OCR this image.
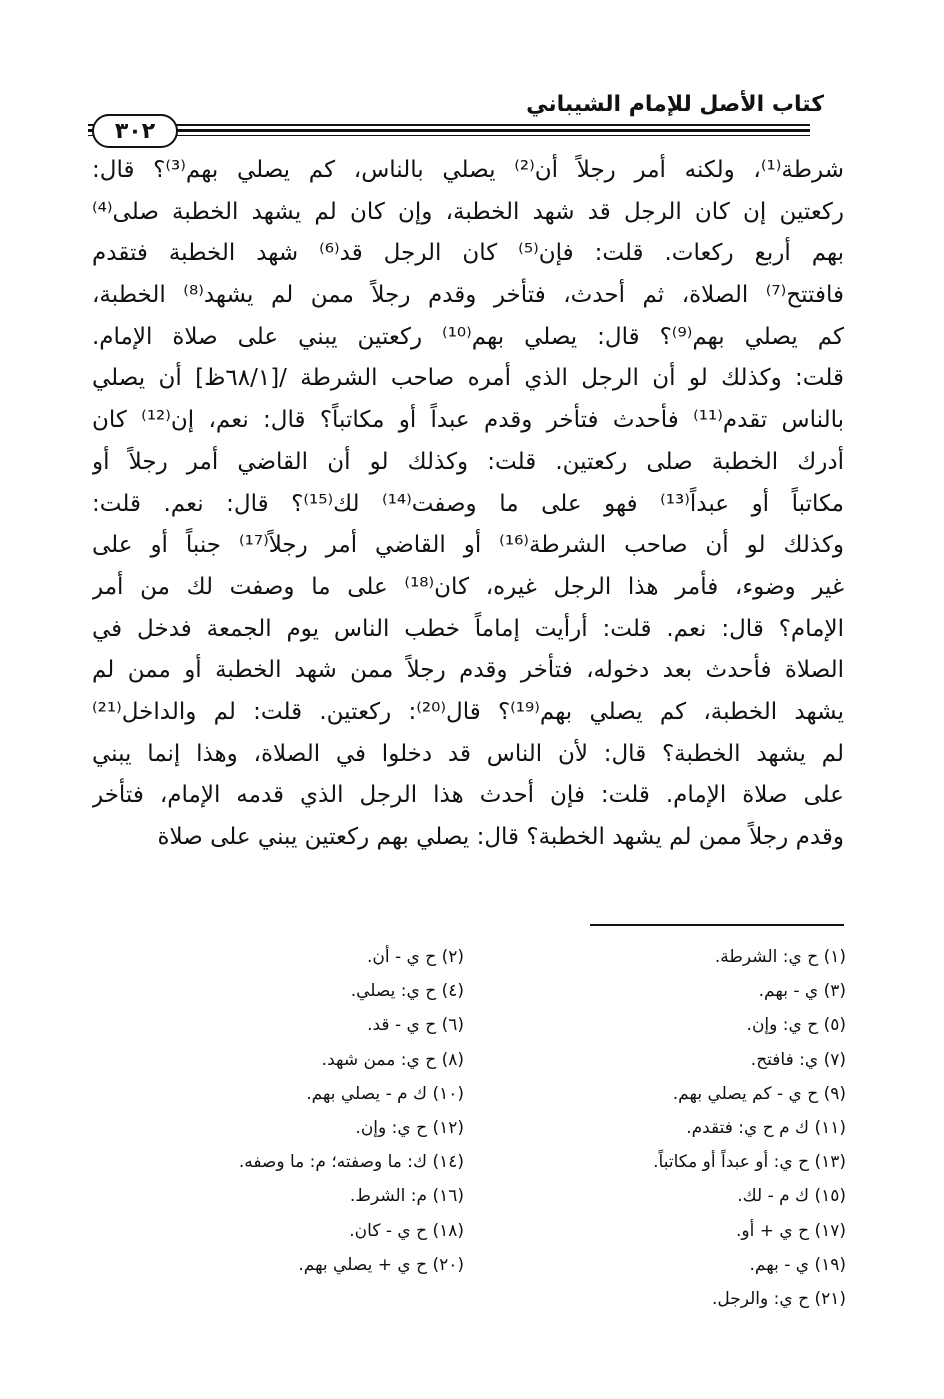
كتاب الأصل للإمام الشيباني
٣٠٢
شرطة⁽¹⁾، ولكنه أمر رجلاً أن⁽²⁾ يصلي بالناس، كم يصلي بهم⁽³⁾؟ قال:
ركعتين إن كان الرجل قد شهد الخطبة، وإن كان لم يشهد الخطبة صلى⁽⁴⁾
بهم أربع ركعات. قلت: فإن⁽⁵⁾ كان الرجل قد⁽⁶⁾ شهد الخطبة فتقدم
فافتتح⁽⁷⁾ الصلاة، ثم أحدث، فتأخر وقدم رجلاً ممن لم يشهد⁽⁸⁾ الخطبة،
كم يصلي بهم⁽⁹⁾؟ قال: يصلي بهم⁽¹⁰⁾ ركعتين يبني على صلاة الإمام.
قلت: وكذلك لو أن الرجل الذي أمره صاحب الشرطة /[٦٨/١ظ] أن يصلي
بالناس تقدم⁽¹¹⁾ فأحدث فتأخر وقدم عبداً أو مكاتباً؟ قال: نعم، إن⁽¹²⁾ كان
أدرك الخطبة صلى ركعتين. قلت: وكذلك لو أن القاضي أمر رجلاً أو
مكاتباً أو عبداً⁽¹³⁾ فهو على ما وصفت⁽¹⁴⁾ لك⁽¹⁵⁾؟ قال: نعم. قلت:
وكذلك لو أن صاحب الشرطة⁽¹⁶⁾ أو القاضي أمر رجلاً⁽¹⁷⁾ جنباً أو على
غير وضوء، فأمر هذا الرجل غيره، كان⁽¹⁸⁾ على ما وصفت لك من أمر
الإمام؟ قال: نعم. قلت: أرأيت إماماً خطب الناس يوم الجمعة فدخل في
الصلاة فأحدث بعد دخوله، فتأخر وقدم رجلاً ممن شهد الخطبة أو ممن لم
يشهد الخطبة، كم يصلي بهم⁽¹⁹⁾؟ قال⁽²⁰⁾: ركعتين. قلت: لم والداخل⁽²¹⁾
لم يشهد الخطبة؟ قال: لأن الناس قد دخلوا في الصلاة، وهذا إنما يبني
على صلاة الإمام. قلت: فإن أحدث هذا الرجل الذي قدمه الإمام، فتأخر
وقدم رجلاً ممن لم يشهد الخطبة؟ قال: يصلي بهم ركعتين يبني على صلاة
(١) ح ي: الشرطة.
(٣) ي - بهم.
(٥) ح ي: وإن.
(٧) ي: فافتح.
(٩) ح ي - كم يصلي بهم.
(١١) ك م ح ي: فتقدم.
(١٣) ح ي: أو عبداً أو مكاتباً.
(١٥) ك م - لك.
(١٧) ح ي + أو.
(١٩) ي - بهم.
(٢١) ح ي: والرجل.
(٢) ح ي - أن.
(٤) ح ي: يصلي.
(٦) ح ي - قد.
(٨) ح ي: ممن شهد.
(١٠) ك م - يصلي بهم.
(١٢) ح ي: وإن.
(١٤) ك: ما وصفته؛ م: ما وصفه.
(١٦) م: الشرط.
(١٨) ح ي - كان.
(٢٠) ح ي + يصلي بهم.
